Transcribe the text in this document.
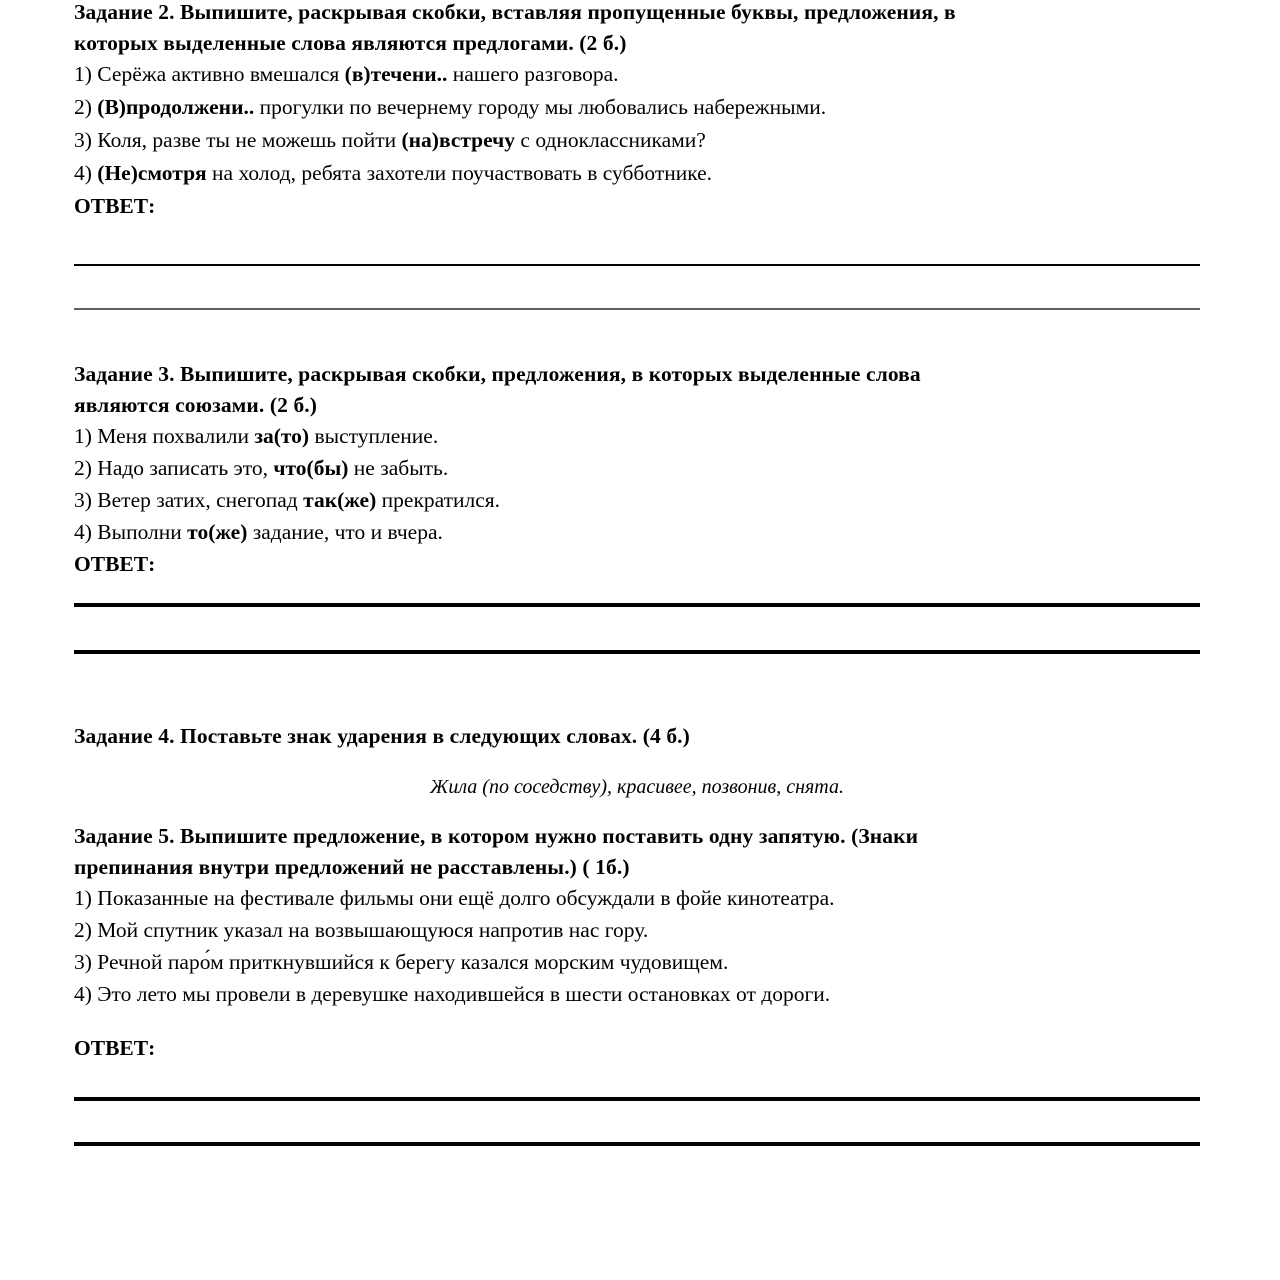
Задание 2. Выпишите, раскрывая скобки, вставляя пропущенные буквы, предложения, в

которых выделенные слова являются предлогами. (2 б.)

1) Серёжа активно вмешался (в)течени.. нашего разговора.

2) (В)продолжени.. прогулки по вечернему городу мы любовались набережными.

3) Коля, разве ты не можешь пойти (на)встречу с одноклассниками?

4) (Не)смотря на холод, ребята захотели поучаствовать в субботнике.

ОТВЕТ:

Задание 3. Выпишите, раскрывая скобки, предложения, в которых выделенные слова

являются союзами. (2 б.)

1) Меня похвалили за(то) выступление.

2) Надо записать это, что(бы) не забыть.

3) Ветер затих, снегопад так(же) прекратился.

4) Выполни то(же) задание, что и вчера.

ОТВЕТ:

Задание 4. Поставьте знак ударения в следующих словах. (4 б.)

Жила (по соседству), красивее, позвонив, снята.

Задание 5. Выпишите предложение, в котором нужно поставить одну запятую. (Знаки

препинания внутри предложений не расставлены.) ( 1б.)

1) Показанные на фестивале фильмы они ещё долго обсуждали в фойе кинотеатра.

2) Мой спутник указал на возвышающуюся напротив нас гору.

3) Речной паро́м приткнувшийся к берегу казался морским чудовищем.

4) Это лето мы провели в деревушке находившейся в шести остановках от дороги.

ОТВЕТ:
